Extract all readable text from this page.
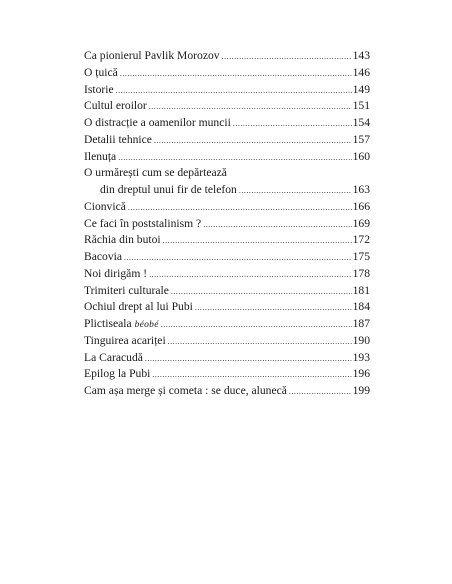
Ca pionierul Pavlik Morozov .....	143
O țuică .....	146
Istorie .....	149
Cultul eroilor .....	151
O distracție a oamenilor muncii .....	154
Detalii tehnice .....	157
Ilenuța .....	160
O urmărești cum se depărtează
din dreptul unui fir de telefon .....	163
Cionvică .....	166
Ce faci în poststalinism ? .....	169
Răchia din butoi .....	172
Bacovia .....	175
Noi dirigăm ! .....	178
Trimiteri culturale .....	181
Ochiul drept al lui Pubi .....	184
Plictiseala béobé .....	187
Tinguirea acariței .....	190
La Caracudă .....	193
Epilog la Pubi .....	196
Cam așa merge și cometa : se duce, alunecă .....	199
